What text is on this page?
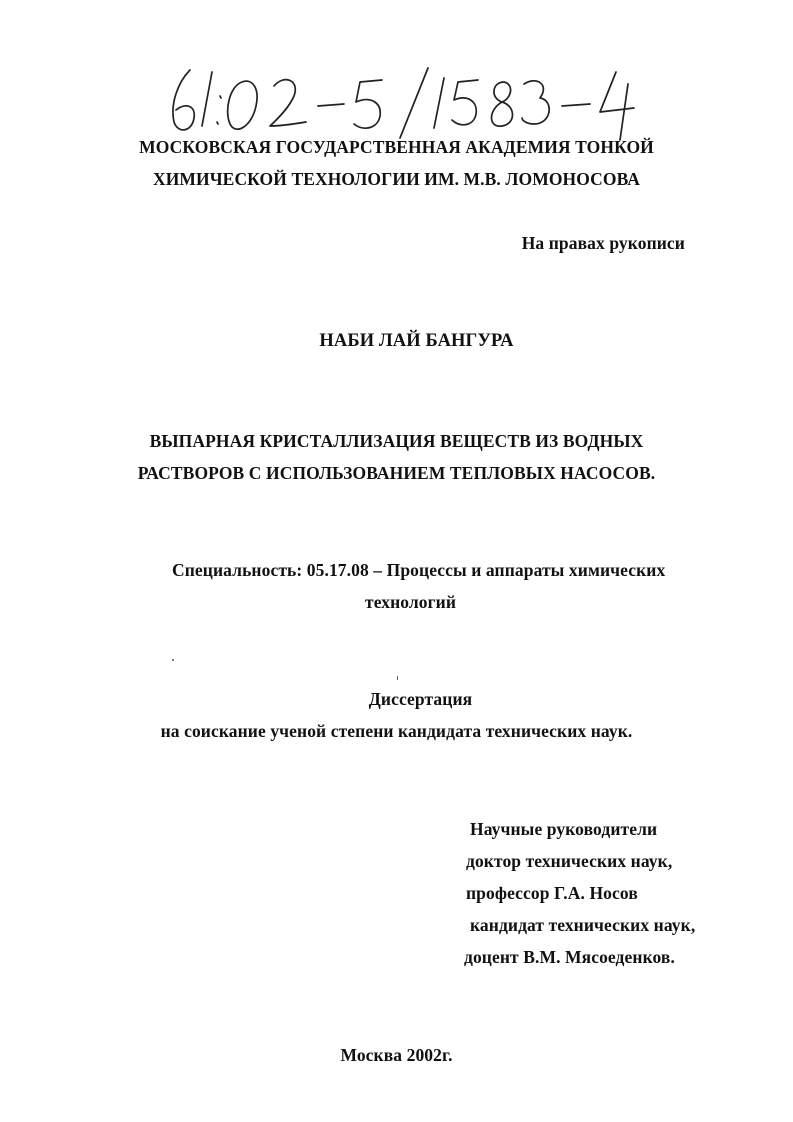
МОСКОВСКАЯ ГОСУДАРСТВЕННАЯ АКАДЕМИЯ ТОНКОЙ
ХИМИЧЕСКОЙ ТЕХНОЛОГИИ ИМ. М.В. ЛОМОНОСОВА
На правах рукописи
НАБИ ЛАЙ БАНГУРА
ВЫПАРНАЯ КРИСТАЛЛИЗАЦИЯ ВЕЩЕСТВ ИЗ ВОДНЫХ
РАСТВОРОВ С ИСПОЛЬЗОВАНИЕМ ТЕПЛОВЫХ НАСОСОВ.
Специальность: 05.17.08 – Процессы и аппараты химических
технологий
Диссертация
на соискание ученой степени кандидата технических наук.
Научные руководители
доктор технических наук,
профессор Г.А. Носов
кандидат технических наук,
доцент В.М. Мясоеденков.
Москва 2002г.
